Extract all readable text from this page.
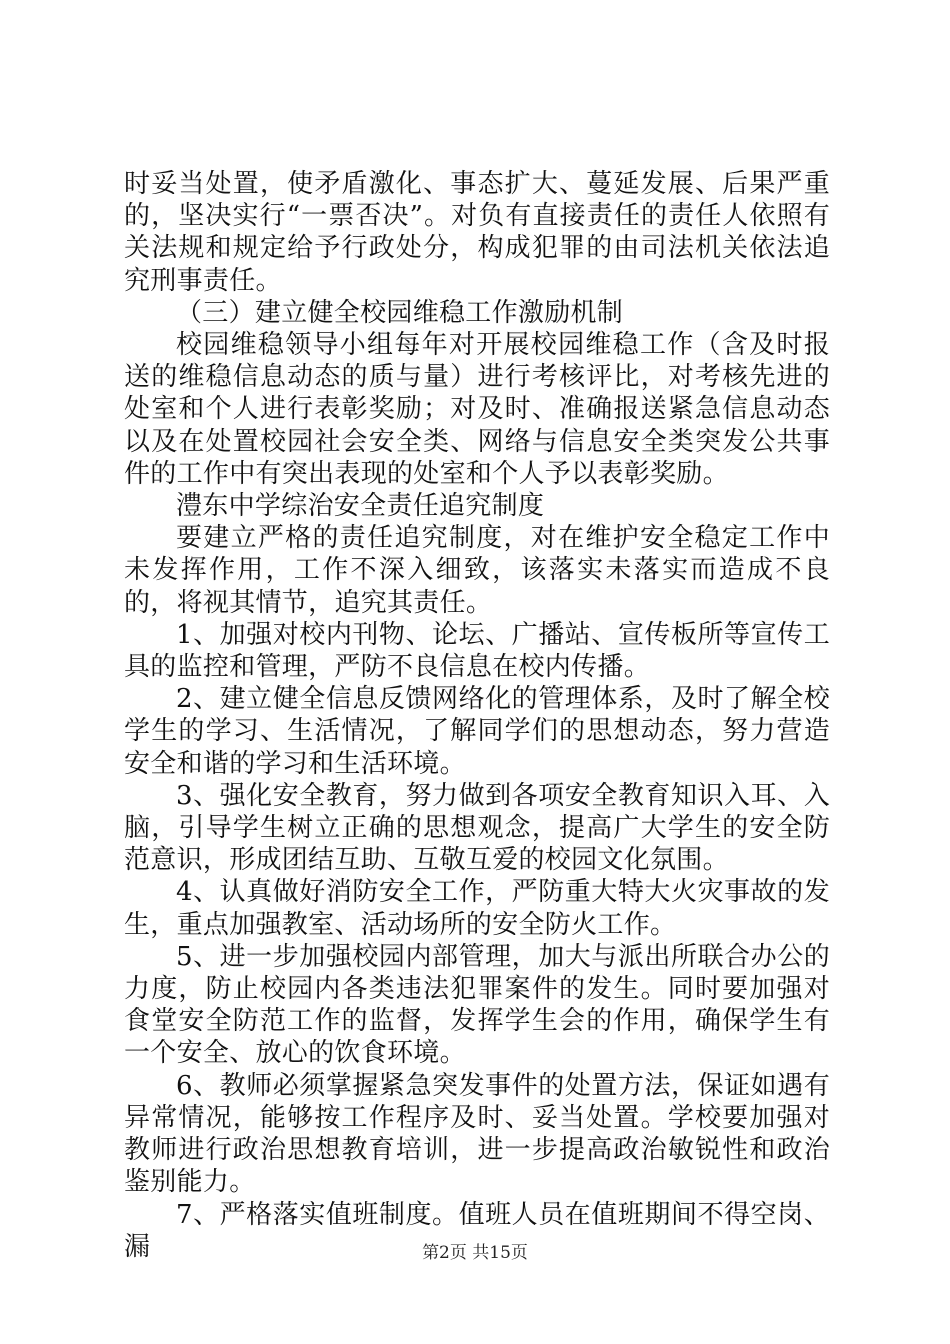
时妥当处置，使矛盾激化、事态扩大、蔓延发展、后果严重的，坚决实行“一票否决”。对负有直接责任的责任人依照有关法规和规定给予行政处分，构成犯罪的由司法机关依法追究刑事责任。

（三）建立健全校园维稳工作激励机制

校园维稳领导小组每年对开展校园维稳工作（含及时报送的维稳信息动态的质与量）进行考核评比，对考核先进的处室和个人进行表彰奖励；对及时、准确报送紧急信息动态以及在处置校园社会安全类、网络与信息安全类突发公共事件的工作中有突出表现的处室和个人予以表彰奖励。

澧东中学综治安全责任追究制度

要建立严格的责任追究制度，对在维护安全稳定工作中未发挥作用，工作不深入细致，该落实未落实而造成不良的，将视其情节，追究其责任。

1、加强对校内刊物、论坛、广播站、宣传板所等宣传工具的监控和管理，严防不良信息在校内传播。

2、建立健全信息反馈网络化的管理体系，及时了解全校学生的学习、生活情况，了解同学们的思想动态，努力营造安全和谐的学习和生活环境。

3、强化安全教育，努力做到各项安全教育知识入耳、入脑，引导学生树立正确的思想观念，提高广大学生的安全防范意识，形成团结互助、互敬互爱的校园文化氛围。

4、认真做好消防安全工作，严防重大特大火灾事故的发生，重点加强教室、活动场所的安全防火工作。

5、进一步加强校园内部管理，加大与派出所联合办公的力度，防止校园内各类违法犯罪案件的发生。同时要加强对食堂安全防范工作的监督，发挥学生会的作用，确保学生有一个安全、放心的饮食环境。

6、教师必须掌握紧急突发事件的处置方法，保证如遇有异常情况，能够按工作程序及时、妥当处置。学校要加强对教师进行政治思想教育培训，进一步提高政治敏锐性和政治鉴别能力。

7、严格落实值班制度。值班人员在值班期间不得空岗、漏	第2页 共15页
